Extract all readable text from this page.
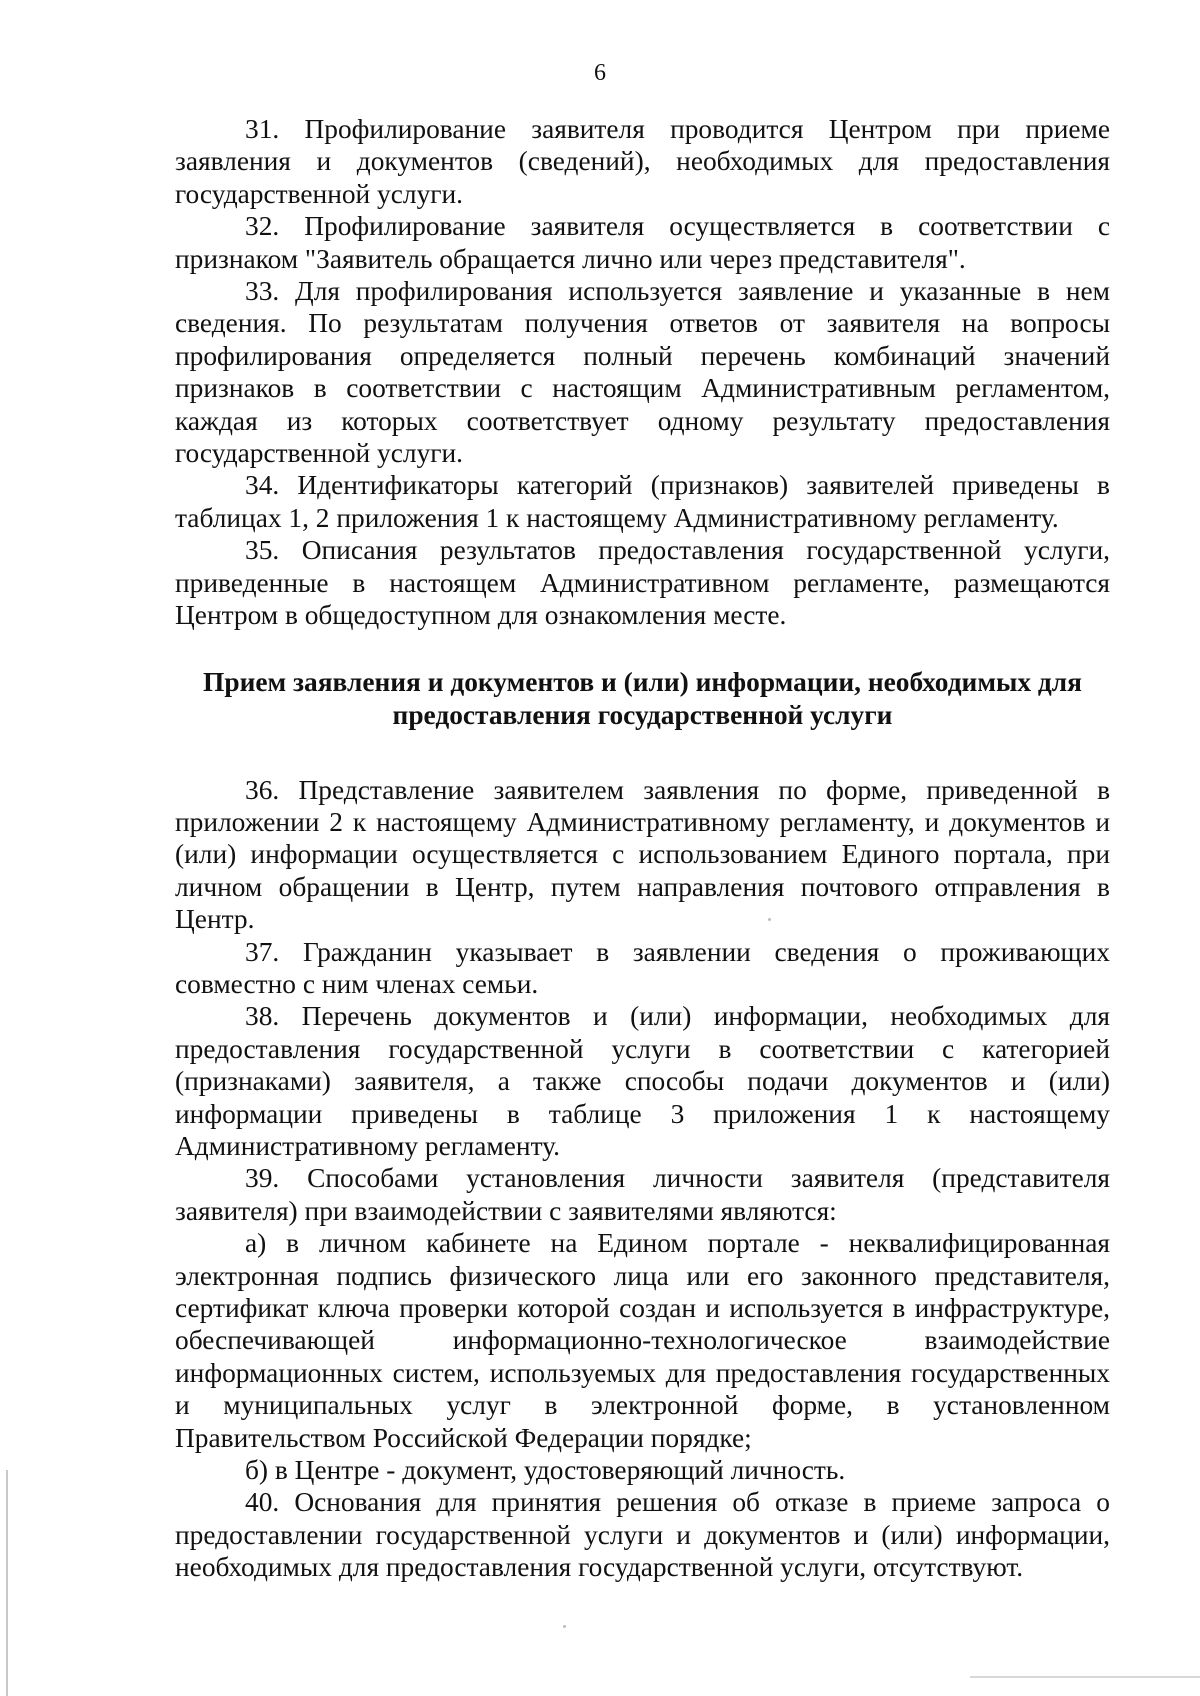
6

31. Профилирование заявителя проводится Центром при приеме заявления и документов (сведений), необходимых для предоставления государственной услуги.

32. Профилирование заявителя осуществляется в соответствии с признаком "Заявитель обращается лично или через представителя".

33. Для профилирования используется заявление и указанные в нем сведения. По результатам получения ответов от заявителя на вопросы профилирования определяется полный перечень комбинаций значений признаков в соответствии с настоящим Административным регламентом, каждая из которых соответствует одному результату предоставления государственной услуги.

34. Идентификаторы категорий (признаков) заявителей приведены в таблицах 1, 2 приложения 1 к настоящему Административному регламенту.

35. Описания результатов предоставления государственной услуги, приведенные в настоящем Административном регламенте, размещаются Центром в общедоступном для ознакомления месте.

Прием заявления и документов и (или) информации, необходимых для
предоставления государственной услуги

36. Представление заявителем заявления по форме, приведенной в приложении 2 к настоящему Административному регламенту, и документов и (или) информации осуществляется с использованием Единого портала, при личном обращении в Центр, путем направления почтового отправления в Центр.

37. Гражданин указывает в заявлении сведения о проживающих совместно с ним членах семьи.

38. Перечень документов и (или) информации, необходимых для предоставления государственной услуги в соответствии с категорией (признаками) заявителя, а также способы подачи документов и (или) информации приведены в таблице 3 приложения 1 к настоящему Административному регламенту.

39. Способами установления личности заявителя (представителя заявителя) при взаимодействии с заявителями являются:

а) в личном кабинете на Едином портале - неквалифицированная электронная подпись физического лица или его законного представителя, сертификат ключа проверки которой создан и используется в инфраструктуре, обеспечивающей информационно-технологическое взаимодействие информационных систем, используемых для предоставления государственных и муниципальных услуг в электронной форме, в установленном Правительством Российской Федерации порядке;

б) в Центре - документ, удостоверяющий личность.

40. Основания для принятия решения об отказе в приеме запроса о предоставлении государственной услуги и документов и (или) информации, необходимых для предоставления государственной услуги, отсутствуют.
